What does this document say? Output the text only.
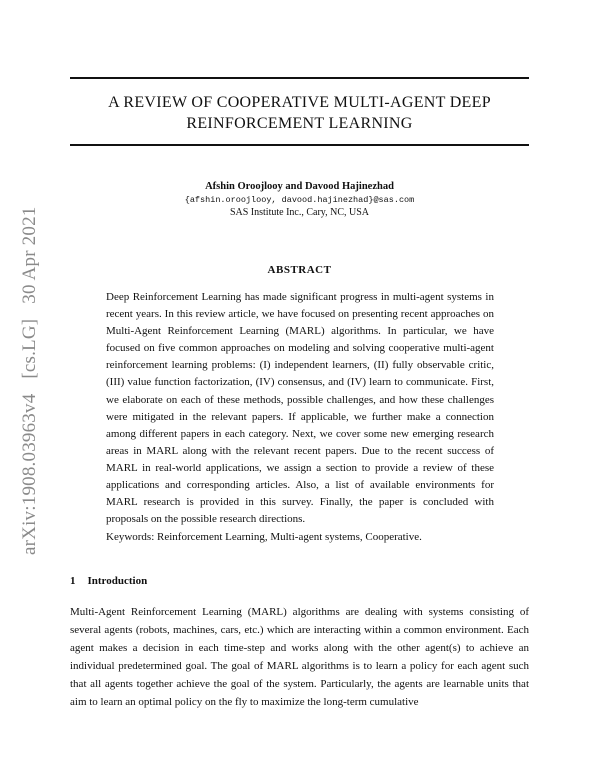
arXiv:1908.03963v4 [cs.LG] 30 Apr 2021
A REVIEW OF COOPERATIVE MULTI-AGENT DEEP
REINFORCEMENT LEARNING
Afshin Oroojlooy and Davood Hajinezhad
{afshin.oroojlooy, davood.hajinezhad}@sas.com
SAS Institute Inc., Cary, NC, USA
ABSTRACT

Deep Reinforcement Learning has made significant progress in multi-agent systems in recent years. In this review article, we have focused on presenting recent approaches on Multi-Agent Reinforcement Learning (MARL) algorithms. In particular, we have focused on five common approaches on modeling and solving cooperative multi-agent reinforcement learning problems: (I) independent learners, (II) fully observable critic, (III) value function factorization, (IV) consensus, and (IV) learn to communicate. First, we elaborate on each of these methods, possible challenges, and how these challenges were mitigated in the relevant papers. If applicable, we further make a connection among different papers in each category. Next, we cover some new emerging research areas in MARL along with the relevant recent papers. Due to the recent success of MARL in real-world applications, we assign a section to provide a review of these applications and corresponding articles. Also, a list of available environments for MARL research is provided in this survey. Finally, the paper is concluded with proposals on the possible research directions.

Keywords: Reinforcement Learning, Multi-agent systems, Cooperative.

1 Introduction

Multi-Agent Reinforcement Learning (MARL) algorithms are dealing with systems consisting of several agents (robots, machines, cars, etc.) which are interacting within a common environment. Each agent makes a decision in each time-step and works along with the other agent(s) to achieve an individual predetermined goal. The goal of MARL algorithms is to learn a policy for each agent such that all agents together achieve the goal of the system. Particularly, the agents are learnable units that aim to learn an optimal policy on the fly to maximize the long-term cumulative
